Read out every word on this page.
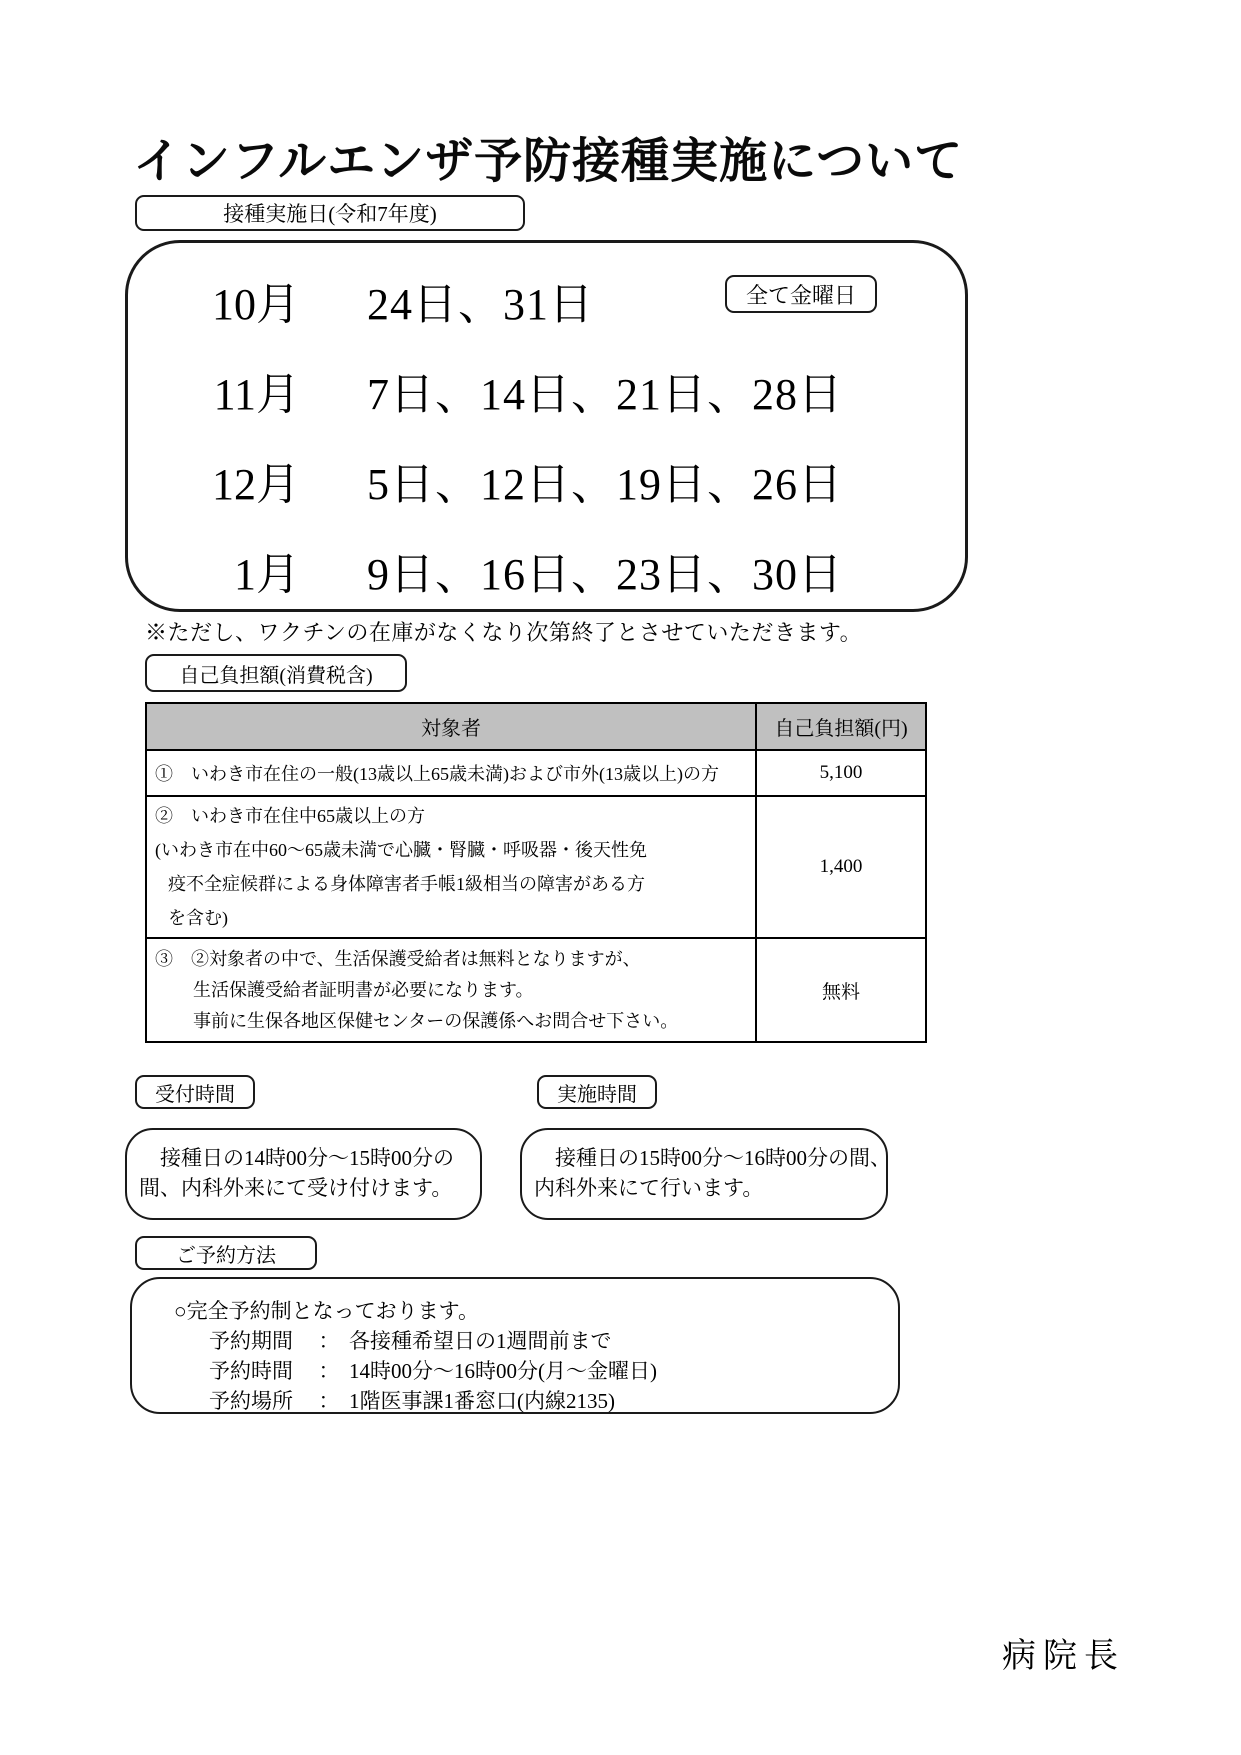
インフルエンザ予防接種実施について
接種実施日(令和7年度)
全て金曜日
10月 24日、31日
11月 7日、14日、21日、28日
12月 5日、12日、19日、26日
1月 9日、16日、23日、30日
※ただし、ワクチンの在庫がなくなり次第終了とさせていただきます。
自己負担額(消費税含)
対象者	自己負担額(円)

①　いわき市在住の一般(13歳以上65歳未満)および市外(13歳以上)の方	5,100

②　いわき市在住中65歳以上の方
(いわき市在中60～65歳未満で心臓・腎臓・呼吸器・後天性免
疫不全症候群による身体障害者手帳1級相当の障害がある方
を含む)	1,400

③　②対象者の中で、生活保護受給者は無料となりますが、
生活保護受給者証明書が必要になります。
事前に生保各地区保健センターの保護係へお問合せ下さい。	無料
受付時間	実施時間
　接種日の14時00分～15時00分の
間、内科外来にて受け付けます。
　接種日の15時00分～16時00分の間、
内科外来にて行います。
ご予約方法
○完全予約制となっております。
予約期間	： 各接種希望日の1週間前まで
予約時間	： 14時00分～16時00分(月～金曜日)
予約場所	： 1階医事課1番窓口(内線2135)
病院長
